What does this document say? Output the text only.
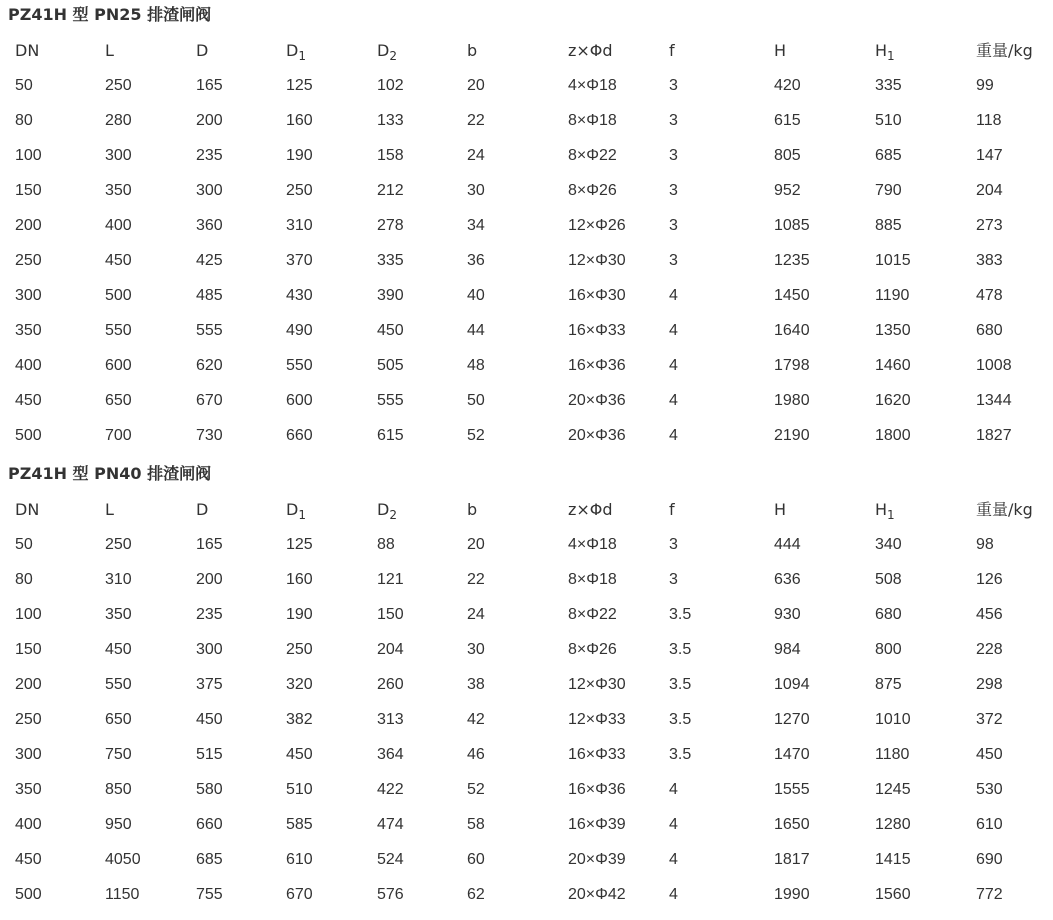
PZ41H 型 PN25 排渣闸阀
DN	L	D	$D_1$	$D_2$	b	z×Φd	f	H	$H_1$	重量/kg
50	250	165	125	102	20	4×Φ18	3	420	335	99
80	280	200	160	133	22	8×Φ18	3	615	510	118
100	300	235	190	158	24	8×Φ22	3	805	685	147
150	350	300	250	212	30	8×Φ26	3	952	790	204
200	400	360	310	278	34	12×Φ26	3	1085	885	273
250	450	425	370	335	36	12×Φ30	3	1235	1015	383
300	500	485	430	390	40	16×Φ30	4	1450	1190	478
350	550	555	490	450	44	16×Φ33	4	1640	1350	680
400	600	620	550	505	48	16×Φ36	4	1798	1460	1008
450	650	670	600	555	50	20×Φ36	4	1980	1620	1344
500	700	730	660	615	52	20×Φ36	4	2190	1800	1827
PZ41H 型 PN40 排渣闸阀
DN	L	D	$D_1$	$D_2$	b	z×Φd	f	H	$H_1$	重量/kg
50	250	165	125	88	20	4×Φ18	3	444	340	98
80	310	200	160	121	22	8×Φ18	3	636	508	126
100	350	235	190	150	24	8×Φ22	3.5	930	680	456
150	450	300	250	204	30	8×Φ26	3.5	984	800	228
200	550	375	320	260	38	12×Φ30	3.5	1094	875	298
250	650	450	382	313	42	12×Φ33	3.5	1270	1010	372
300	750	515	450	364	46	16×Φ33	3.5	1470	1180	450
350	850	580	510	422	52	16×Φ36	4	1555	1245	530
400	950	660	585	474	58	16×Φ39	4	1650	1280	610
450	4050	685	610	524	60	20×Φ39	4	1817	1415	690
500	1150	755	670	576	62	20×Φ42	4	1990	1560	772
